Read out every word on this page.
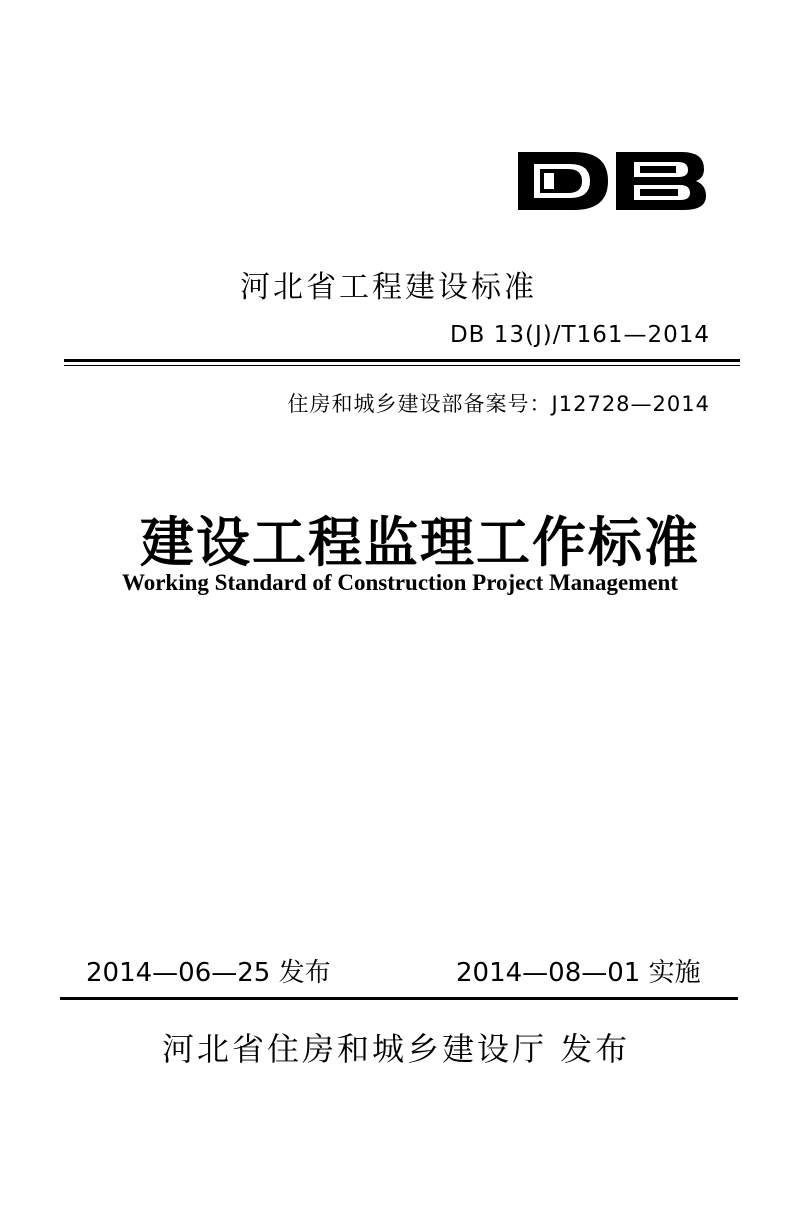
河北省工程建设标准
DB 13(J)/T161—2014
住房和城乡建设部备案号：J12728—2014
建设工程监理工作标准
Working Standard of Construction Project Management
2014—06—25 发布	2014—08—01 实施
河北省住房和城乡建设厅 发布
